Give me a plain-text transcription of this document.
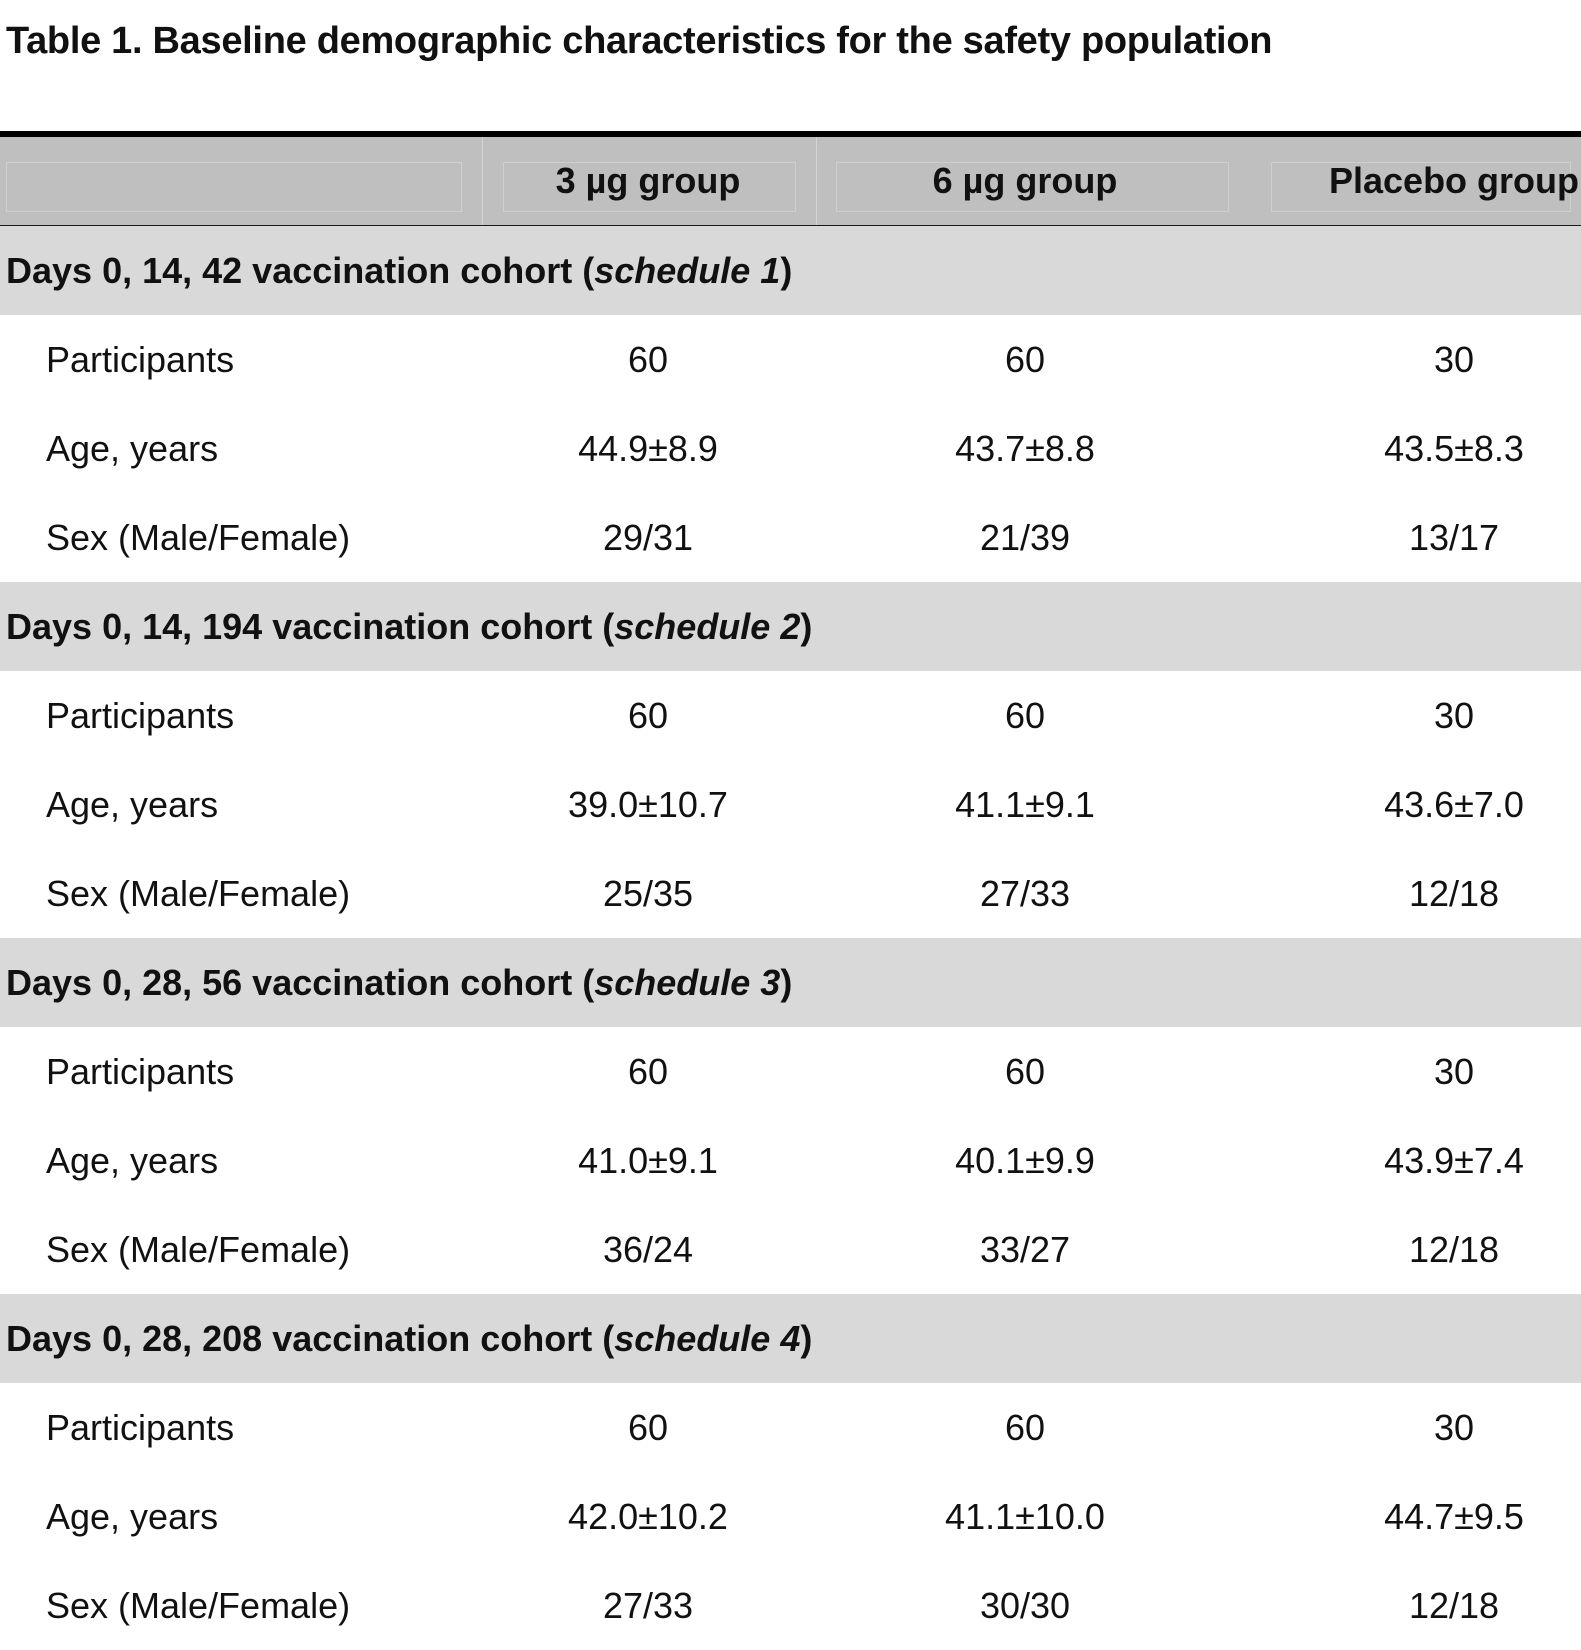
Table 1. Baseline demographic characteristics for the safety population
3 µg group	6 µg group	Placebo group
Days 0, 14, 42 vaccination cohort ( schedule 1 )
Participants	60	60	30
Age, years	44.9±8.9	43.7±8.8	43.5±8.3
Sex (Male/Female)	29/31	21/39	13/17
Days 0, 14, 194 vaccination cohort ( schedule 2 )
Participants	60	60	30
Age, years	39.0±10.7	41.1±9.1	43.6±7.0
Sex (Male/Female)	25/35	27/33	12/18
Days 0, 28, 56 vaccination cohort ( schedule 3 )
Participants	60	60	30
Age, years	41.0±9.1	40.1±9.9	43.9±7.4
Sex (Male/Female)	36/24	33/27	12/18
Days 0, 28, 208 vaccination cohort ( schedule 4 )
Participants	60	60	30
Age, years	42.0±10.2	41.1±10.0	44.7±9.5
Sex (Male/Female)	27/33	30/30	12/18
